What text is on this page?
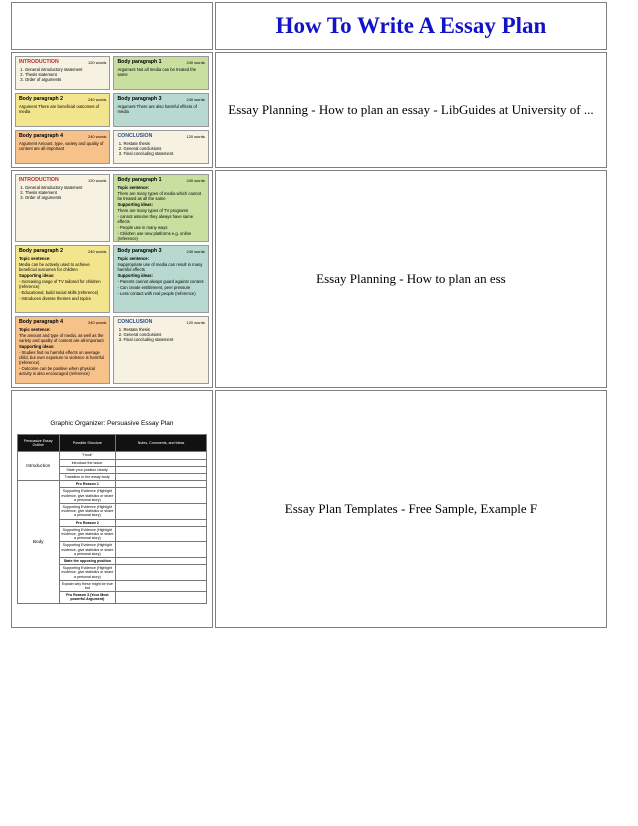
How To Write A Essay Plan

INTRODUCTION	120 words
1. General introductory statement
2. Thesis statement
3. Order of arguments
Body paragraph 1	240 words

Argument Not all media can be treated the same

Body paragraph 2	240 words

Argument There are beneficial outcomes of media

Body paragraph 3	240 words

Argument There are also harmful effects of media

Body paragraph 4	240 words

Argument Amount, type, variety and quality of content are all-important

CONCLUSION	120 words
1. Restate thesis
2. General conclusions
3. Final concluding statement
	Essay Planning - How to plan an essay - LibGuides at University of ...

INTRODUCTION	120 words
1. General introductory statement
2. Thesis statement
3. Order of arguments
Body paragraph 1	240 words

Topic sentence:

There are many types of media which cannot be treated as all the same

Supporting ideas:

There are many types of TV programs

- cannot assume they always have same effects

- People use in many ways

- Children use new platforms e.g. online (reference)

Body paragraph 2	240 words

Topic sentence:

Media can be actively used to achieve beneficial outcomes for children

Supporting ideas:

- Increasing range of TV tailored for children (reference)

- Educational, build social skills (reference)

- Introduces diverse themes and topics

Body paragraph 3	240 words

Topic sentence:

Inappropriate use of media can result in many harmful effects

Supporting ideas:

- Parents cannot always guard against content

- Can create entitlement, peer pressure

- Less contact with real people (reference)

Body paragraph 4	240 words

Topic sentence:

The amount and type of media, as well as the variety and quality of content are all-important

Supporting ideas:

- Studies find no harmful effects on average child, but over exposure to violence is harmful (reference)

- Outcome can be positive when physical activity is also encouraged (reference)

CONCLUSION	120 words
1. Restate thesis
2. General conclusions
3. Final concluding statement
	Essay Planning - How to plan an ess

Graphic Organizer: Persuasive Essay Plan
Persuasive Essay Outline	Possible Structure	Notes, Comments, and Ideas
Introduction	"Hook"	
Introduce the Issue.	
State your position clearly.	
Transition to the essay body.	
Body	Pro Reason 1	
Supporting Evidence (Highlight evidence, give statistics or share a personal story)	
Supporting Evidence (Highlight evidence, give statistics or share a personal story)	
Pro Reason 2	
Supporting Evidence (Highlight evidence, give statistics or share a personal story)	
Supporting Evidence (Highlight evidence, give statistics or share a personal story)	
State the opposing position	
Supporting Evidence (Highlight evidence, give statistics or share a personal story)	
Explain why these might be true but	
Pro Reason 3 (Your Most powerful Argument)	
	Essay Plan Templates - Free Sample, Example F
